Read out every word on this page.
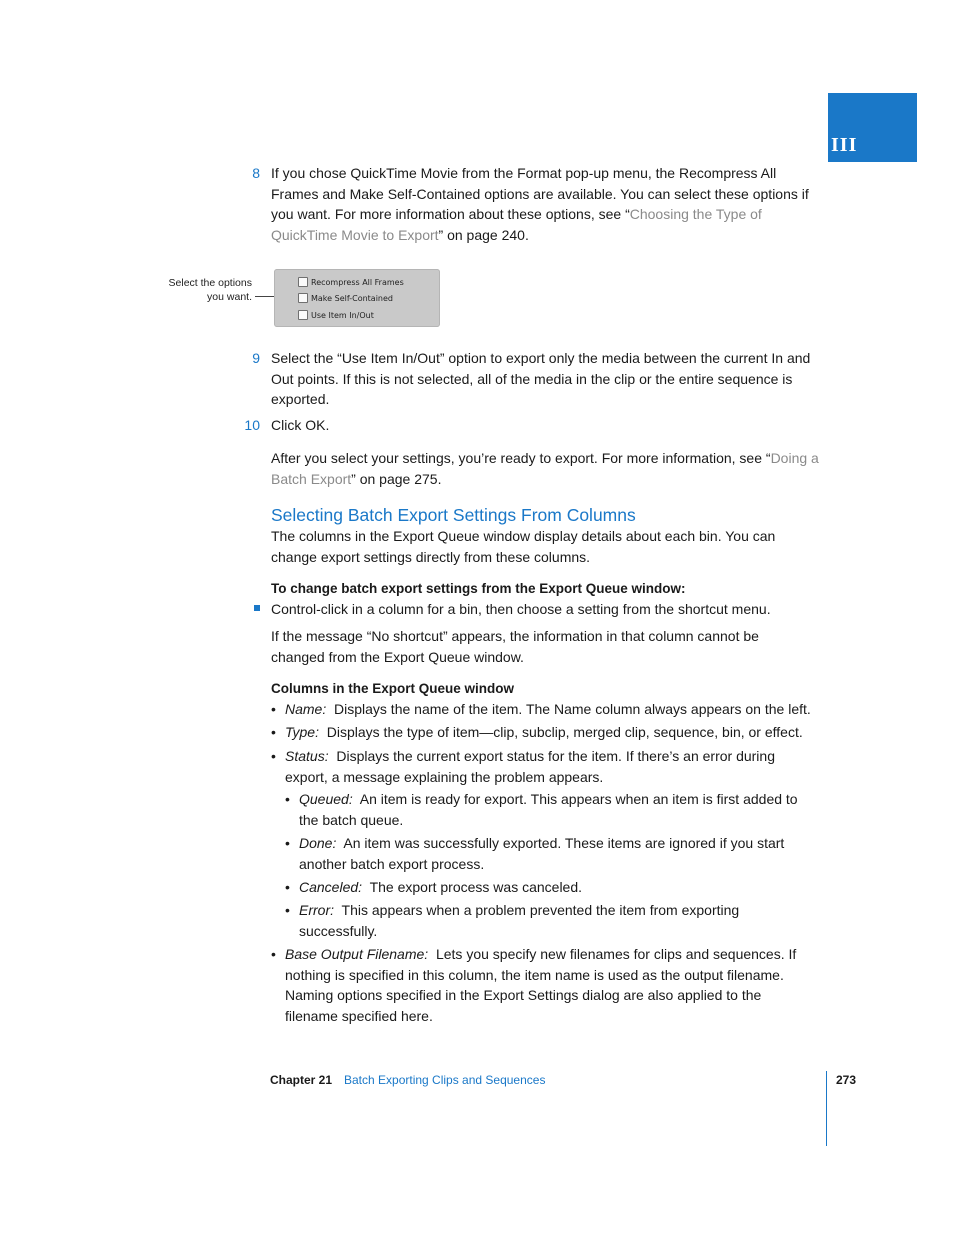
III
8 If you chose QuickTime Movie from the Format pop-up menu, the Recompress All Frames and Make Self-Contained options are available. You can select these options if you want. For more information about these options, see “Choosing the Type of QuickTime Movie to Export” on page 240.
Select the options you want.
Recompress All Frames
Make Self-Contained
Use Item In/Out
9 Select the “Use Item In/Out” option to export only the media between the current In and Out points. If this is not selected, all of the media in the clip or the entire sequence is exported.
10 Click OK.
After you select your settings, you’re ready to export. For more information, see “Doing a Batch Export” on page 275.
Selecting Batch Export Settings From Columns
The columns in the Export Queue window display details about each bin. You can change export settings directly from these columns.
To change batch export settings from the Export Queue window:
Control-click in a column for a bin, then choose a setting from the shortcut menu.
If the message “No shortcut” appears, the information in that column cannot be changed from the Export Queue window.
Columns in the Export Queue window
• Name: Displays the name of the item. The Name column always appears on the left.
• Type: Displays the type of item—clip, subclip, merged clip, sequence, bin, or effect.
• Status: Displays the current export status for the item. If there’s an error during export, a message explaining the problem appears.
• Queued: An item is ready for export. This appears when an item is first added to the batch queue.
• Done: An item was successfully exported. These items are ignored if you start another batch export process.
• Canceled: The export process was canceled.
• Error: This appears when a problem prevented the item from exporting successfully.
• Base Output Filename: Lets you specify new filenames for clips and sequences. If nothing is specified in this column, the item name is used as the output filename. Naming options specified in the Export Settings dialog are also applied to the filename specified here.
Chapter 21 Batch Exporting Clips and Sequences	273
